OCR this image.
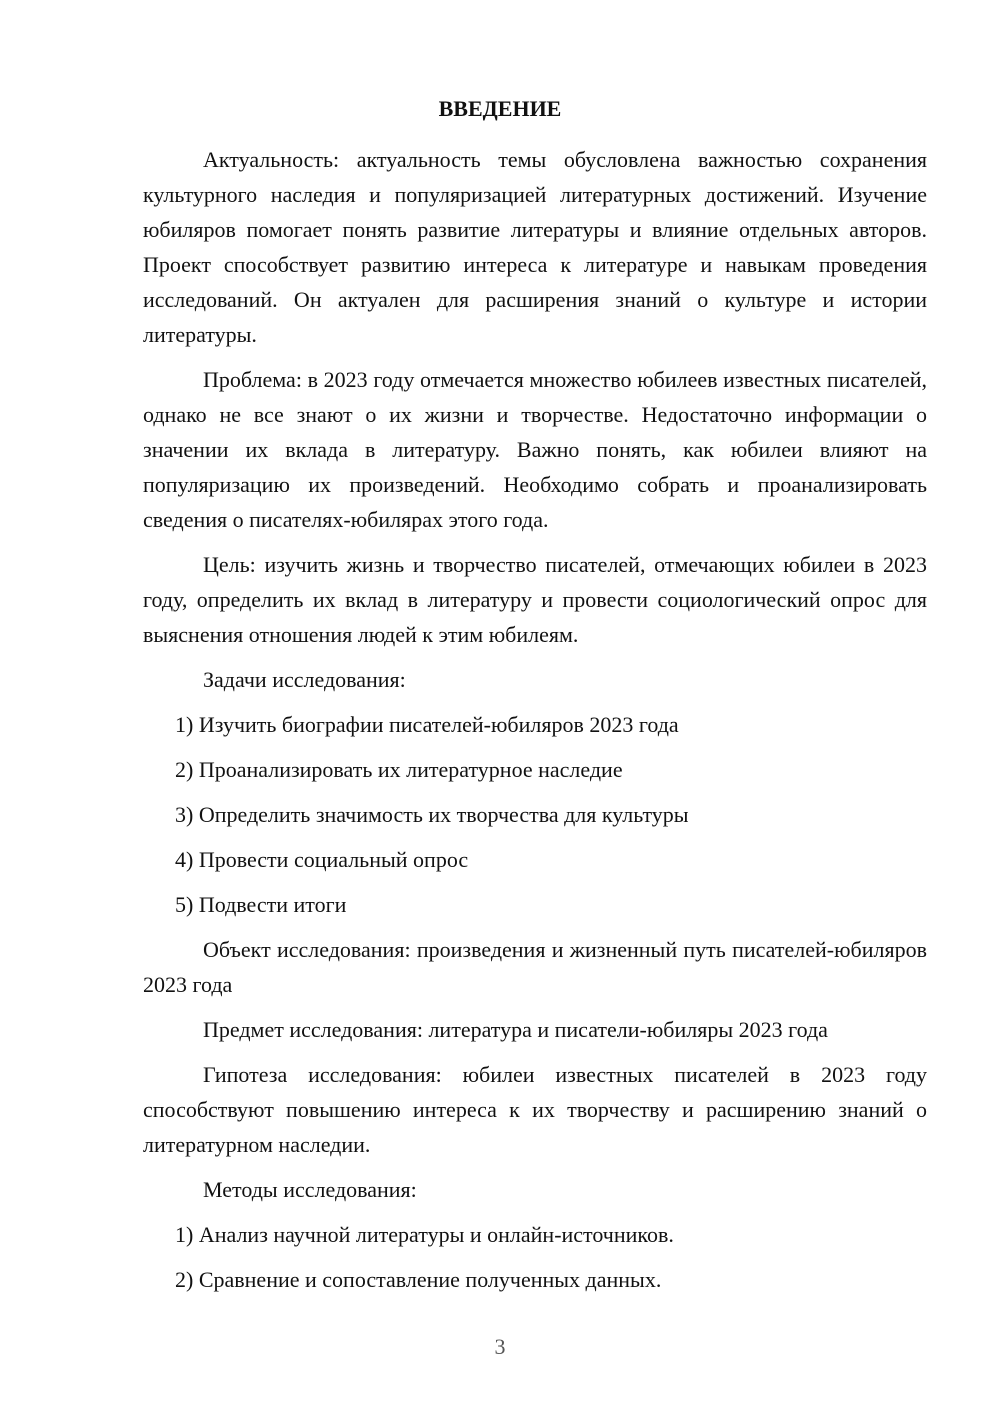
ВВЕДЕНИЕ

Актуальность: актуальность темы обусловлена важностью сохранения культурного наследия и популяризацией литературных достижений. Изучение юбиляров помогает понять развитие литературы и влияние отдельных авторов. Проект способствует развитию интереса к литературе и навыкам проведения исследований. Он актуален для расширения знаний о культуре и истории литературы.

Проблема: в 2023 году отмечается множество юбилеев известных писателей, однако не все знают о их жизни и творчестве. Недостаточно информации о значении их вклада в литературу. Важно понять, как юбилеи влияют на популяризацию их произведений. Необходимо собрать и проанализировать сведения о писателях-юбилярах этого года.

Цель: изучить жизнь и творчество писателей, отмечающих юбилеи в 2023 году, определить их вклад в литературу и провести социологический опрос для выяснения отношения людей к этим юбилеям.

Задачи исследования:

1) Изучить биографии писателей-юбиляров 2023 года

2) Проанализировать их литературное наследие

3) Определить значимость их творчества для культуры

4) Провести социальный опрос

5) Подвести итоги

Объект исследования: произведения и жизненный путь писателей-юбиляров 2023 года

Предмет исследования: литература и писатели-юбиляры 2023 года

Гипотеза исследования: юбилеи известных писателей в 2023 году способствуют повышению интереса к их творчеству и расширению знаний о литературном наследии.

Методы исследования:

1) Анализ научной литературы и онлайн-источников.

2) Сравнение и сопоставление полученных данных.

3
